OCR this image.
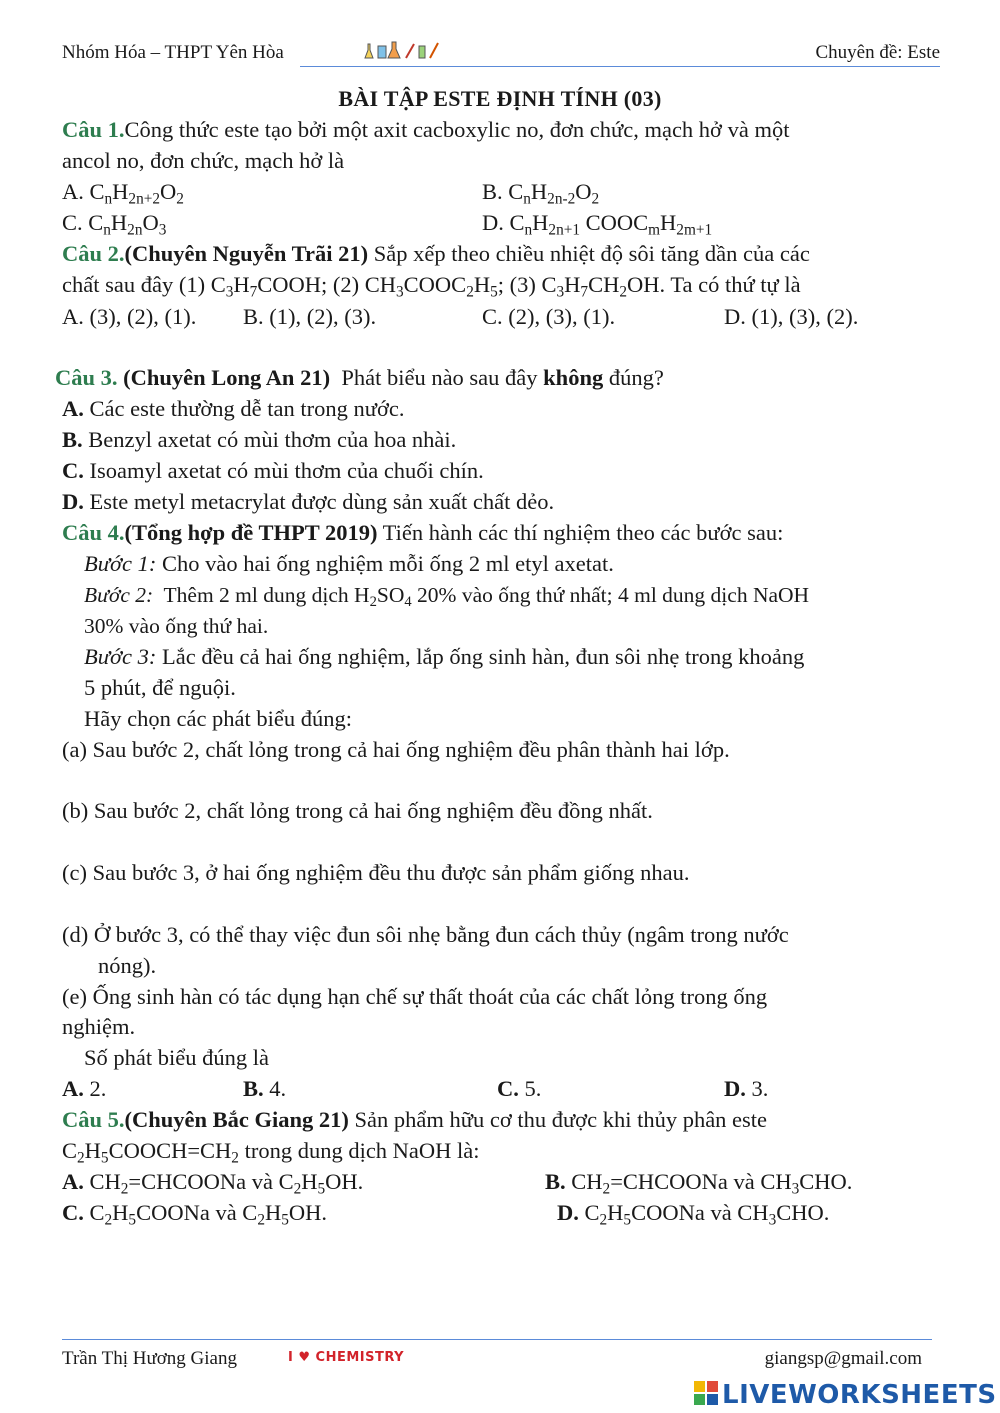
Nhóm Hóa – THPT Yên Hòa	Chuyên đề: Este
BÀI TẬP ESTE ĐỊNH TÍNH (03)
Câu 1.Công thức este tạo bởi một axit cacboxylic no, đơn chức, mạch hở và một
ancol no, đơn chức, mạch hở là
A. $C_nH_{2n+2}O_2$	B. $C_nH_{2n-2}O_2$
C. $C_nH_{2n}O_3$	D. $C_nH_{2n+1}$ $COOC_mH_{2m+1}$
Câu 2.(Chuyên Nguyễn Trãi 21) Sắp xếp theo chiều nhiệt độ sôi tăng dần của các
chất sau đây (1) $C_3H_7COOH$; (2) $CH_3COOC_2H_5$; (3) $C_3H_7CH_2OH$. Ta có thứ tự là
A. (3), (2), (1). B. (1), (2), (3).	C. (2), (3), (1).	D. (1), (3), (2).
Câu 3. (Chuyên Long An 21) Phát biểu nào sau đây không đúng?
A. Các este thường dễ tan trong nước.
B. Benzyl axetat có mùi thơm của hoa nhài.
C. Isoamyl axetat có mùi thơm của chuối chín.
D. Este metyl metacrylat được dùng sản xuất chất dẻo.
Câu 4.(Tổng hợp đề THPT 2019) Tiến hành các thí nghiệm theo các bước sau:
Bước 1: Cho vào hai ống nghiệm mỗi ống 2 ml etyl axetat.
Bước 2:  Thêm 2 ml dung dịch $H_2SO_4$ 20% vào ống thứ nhất; 4 ml dung dịch NaOH
30% vào ống thứ hai.
Bước 3: Lắc đều cả hai ống nghiệm, lắp ống sinh hàn, đun sôi nhẹ trong khoảng
5 phút, để nguội.
Hãy chọn các phát biểu đúng:
(a) Sau bước 2, chất lỏng trong cả hai ống nghiệm đều phân thành hai lớp.
(b) Sau bước 2, chất lỏng trong cả hai ống nghiệm đều đồng nhất.
(c) Sau bước 3, ở hai ống nghiệm đều thu được sản phẩm giống nhau.
(d) Ở bước 3, có thể thay việc đun sôi nhẹ bằng đun cách thủy (ngâm trong nước
nóng).
(e) Ống sinh hàn có tác dụng hạn chế sự thất thoát của các chất lỏng trong ống
nghiệm.
Số phát biểu đúng là
A. 2.	B. 4.	C. 5.	D. 3.
Câu 5.(Chuyên Bắc Giang 21) Sản phẩm hữu cơ thu được khi thủy phân este
$C_2H_5COOCH=CH_2$ trong dung dịch NaOH là:
A. $CH_2=CHCOONa$ và $C_2H_5OH$.	B. $CH_2=CHCOONa$ và $CH_3CHO$.
C. $C_2H_5COONa$ và $C_2H_5OH$.	D. $C_2H_5COONa$ và $CH_3CHO$.
Trần Thị Hương Giang	I ♥ CHEMISTRY	giangsp@gmail.com
LIVEWORKSHEETS
